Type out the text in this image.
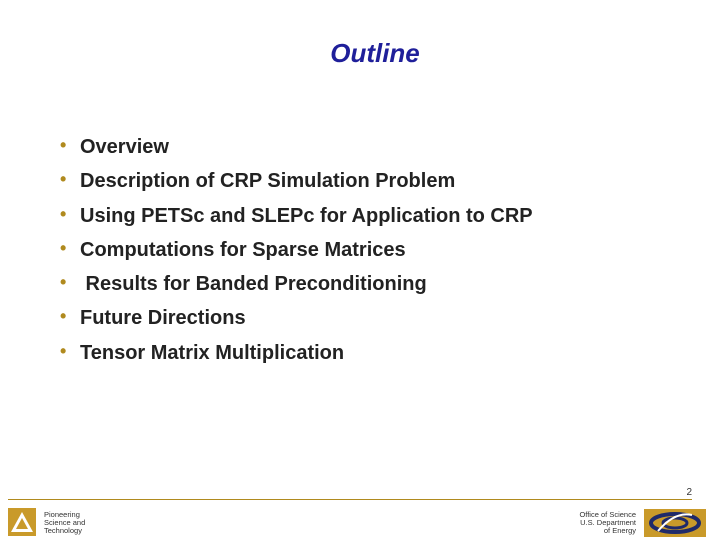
Outline
• Overview
• Description of CRP Simulation Problem
• Using PETSc and SLEPc for Application to CRP
• Computations for Sparse Matrices
• Results for Banded Preconditioning
• Future Directions
• Tensor Matrix Multiplication
2
Pioneering
Science and
Technology
Office of Science
U.S. Department
of Energy
